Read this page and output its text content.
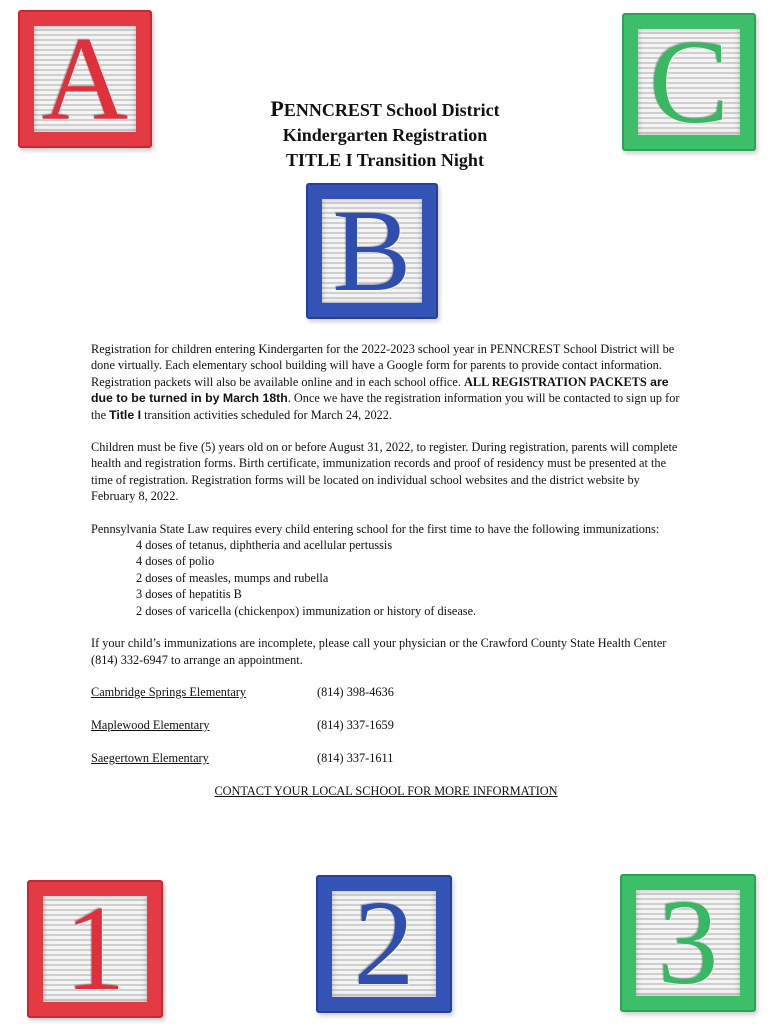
A	C
B
1 2 3
PENNCREST School District
Kindergarten Registration
TITLE I Transition Night

Registration for children entering Kindergarten for the 2022-2023 school year in PENNCREST School District will be done virtually. Each elementary school building will have a Google form for parents to provide contact information. Registration packets will also be available online and in each school office. ALL REGISTRATION PACKETS are due to be turned in by March 18th. Once we have the registration information you will be contacted to sign up for the Title I transition activities scheduled for March 24, 2022.

Children must be five (5) years old on or before August 31, 2022, to register. During registration, parents will complete health and registration forms. Birth certificate, immunization records and proof of residency must be presented at the time of registration. Registration forms will be located on individual school websites and the district website by February 8, 2022.

Pennsylvania State Law requires every child entering school for the first time to have the following immunizations:

4 doses of tetanus, diphtheria and acellular pertussis
4 doses of polio
2 doses of measles, mumps and rubella
3 doses of hepatitis B
2 doses of varicella (chickenpox) immunization or history of disease.

If your child’s immunizations are incomplete, please call your physician or the Crawford County State Health Center (814) 332-6947 to arrange an appointment.

Cambridge Springs Elementary	(814) 398-4636
Maplewood Elementary	(814) 337-1659
Saegertown Elementary	(814) 337-1611
CONTACT YOUR LOCAL SCHOOL FOR MORE INFORMATION
